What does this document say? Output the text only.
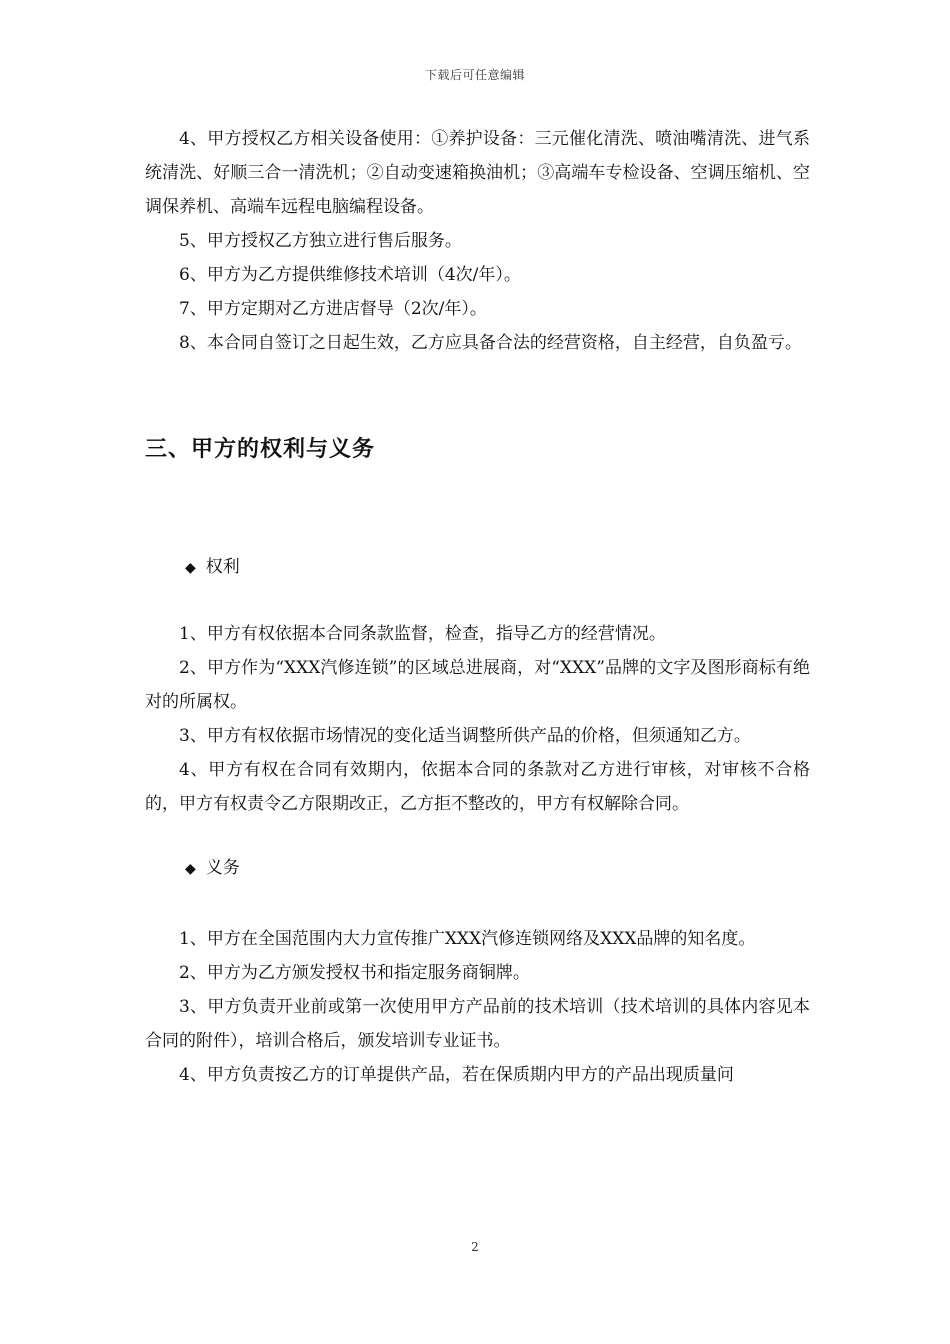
下载后可任意编辑

4、甲方授权乙方相关设备使用：①养护设备：三元催化清洗、喷油嘴清洗、进气系统清洗、好顺三合一清洗机；②自动变速箱换油机；③高端车专检设备、空调压缩机、空调保养机、高端车远程电脑编程设备。

5、甲方授权乙方独立进行售后服务。

6、甲方为乙方提供维修技术培训（4次/年）。

7、甲方定期对乙方进店督导（2次/年）。

8、本合同自签订之日起生效，乙方应具备合法的经营资格，自主经营，自负盈亏。

三、甲方的权利与义务
◆ 权利

1、甲方有权依据本合同条款监督，检查，指导乙方的经营情况。

2、甲方作为“XXX汽修连锁”的区域总进展商，对“XXX”品牌的文字及图形商标有绝对的所属权。

3、甲方有权依据市场情况的变化适当调整所供产品的价格，但须通知乙方。

4、甲方有权在合同有效期内，依据本合同的条款对乙方进行审核，对审核不合格的，甲方有权责令乙方限期改正，乙方拒不整改的，甲方有权解除合同。

◆ 义务

1、甲方在全国范围内大力宣传推广XXX汽修连锁网络及XXX品牌的知名度。

2、甲方为乙方颁发授权书和指定服务商铜牌。

3、甲方负责开业前或第一次使用甲方产品前的技术培训（技术培训的具体内容见本合同的附件），培训合格后，颁发培训专业证书。

4、甲方负责按乙方的订单提供产品，若在保质期内甲方的产品出现质量问

2
